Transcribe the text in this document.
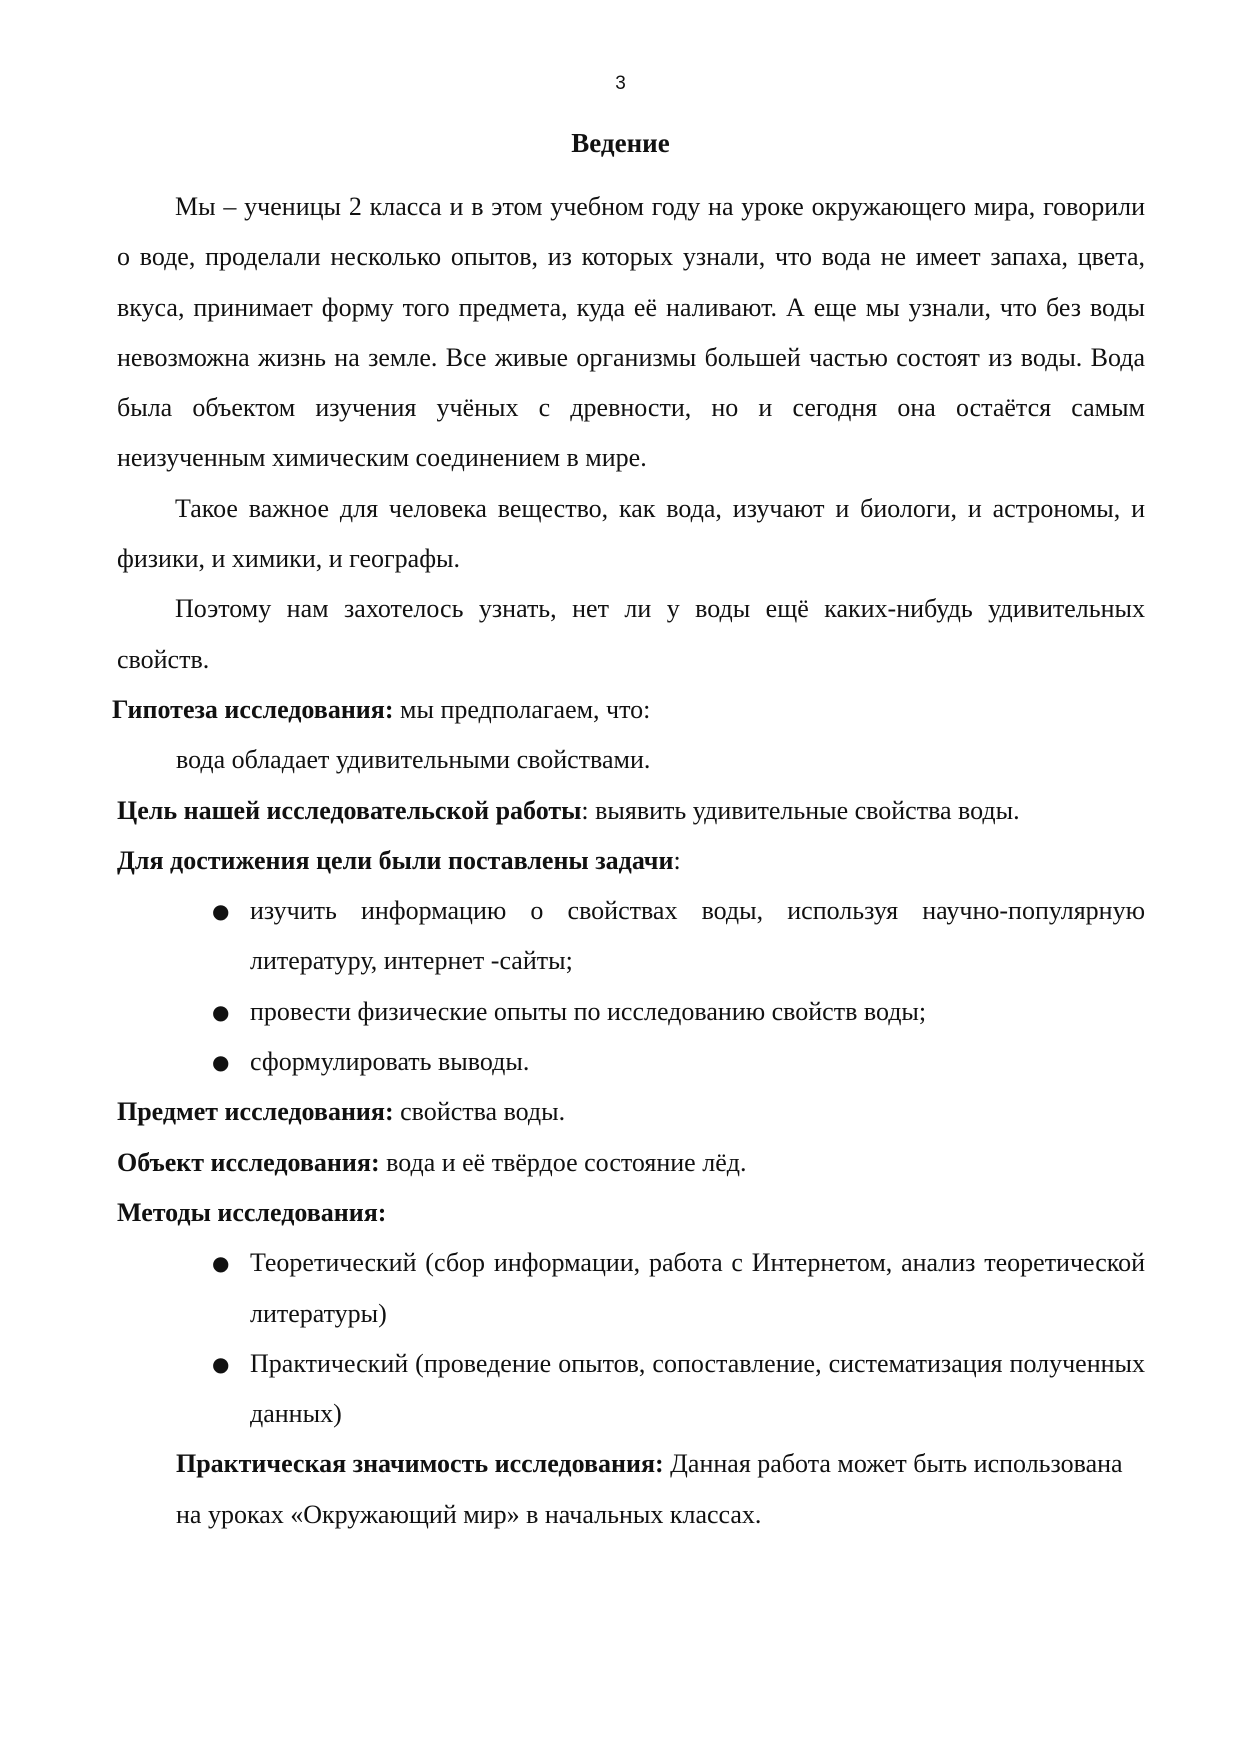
3
Ведение

Мы – ученицы 2 класса и в этом учебном году на уроке окружающего мира, говорили о воде, проделали несколько опытов, из которых узнали, что вода не имеет запаха, цвета, вкуса, принимает форму того предмета, куда её наливают. А еще мы узнали, что без воды невозможна жизнь на земле. Все живые организмы большей частью состоят из воды. Вода была объектом изучения учёных с древности, но и сегодня она остаётся самым неизученным химическим соединением в мире.

Такое важное для человека вещество, как вода, изучают и биологи, и астрономы, и физики, и химики, и географы.

Поэтому нам захотелось узнать, нет ли у воды ещё каких-нибудь удивительных свойств.

Гипотеза исследования: мы предполагаем, что:

вода обладает удивительными свойствами.

Цель нашей исследовательской работы: выявить удивительные свойства воды.

Для достижения цели были поставлены задачи:

● изучить информацию о свойствах воды, используя научно-популярную литературу, интернет -сайты;
● провести физические опыты по исследованию свойств воды;
● сформулировать выводы.

Предмет исследования: свойства воды.

Объект исследования: вода и её твёрдое состояние лёд.

Методы исследования:

● Теоретический (сбор информации, работа с Интернетом, анализ теоретической литературы)
● Практический (проведение опытов, сопоставление, систематизация полученных данных)

Практическая значимость исследования: Данная работа может быть использована на уроках «Окружающий мир» в начальных классах.
